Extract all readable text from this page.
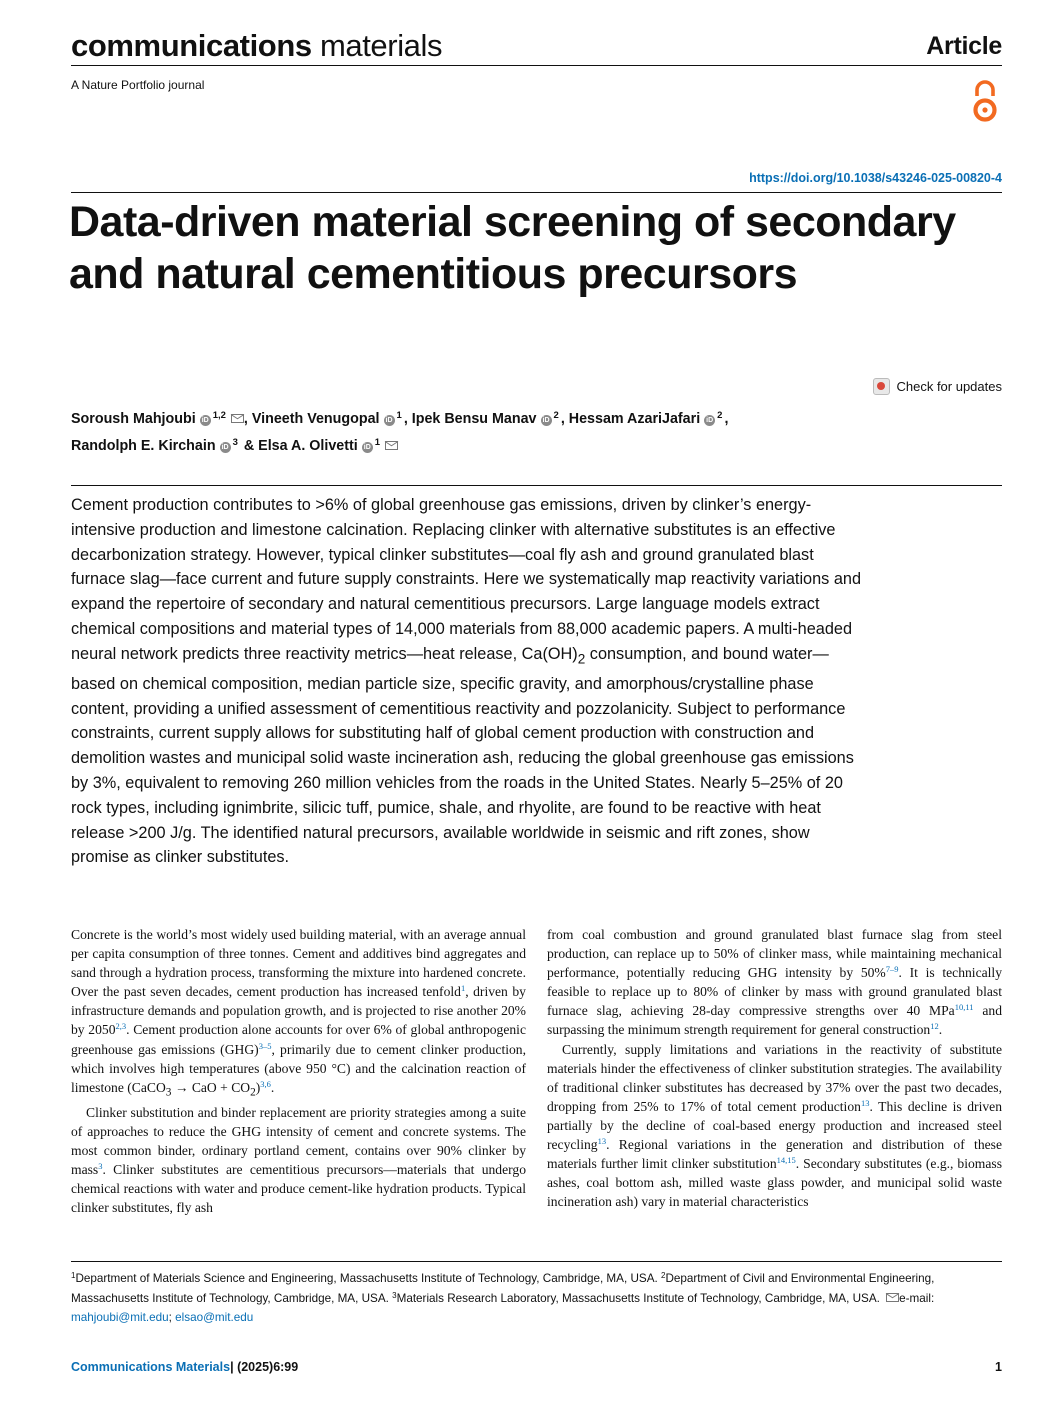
communications materials
A Nature Portfolio journal
Article
https://doi.org/10.1038/s43246-025-00820-4
Data-driven material screening of secondary and natural cementitious precursors
Check for updates
Soroush Mahjoubi iD $^{1,2}$ , Vineeth Venugopal iD $^1$ , Ipek Bensu Manav iD $^2$ , Hessam AzariJafari iD $^2$ ,
Randolph E. Kirchain iD $^3$ & Elsa A. Olivetti iD $^1$

Cement production contributes to >6% of global greenhouse gas emissions, driven by clinker’s energy-intensive production and limestone calcination. Replacing clinker with alternative substitutes is an effective decarbonization strategy. However, typical clinker substitutes—coal fly ash and ground granulated blast furnace slag—face current and future supply constraints. Here we systematically map reactivity variations and expand the repertoire of secondary and natural cementitious precursors. Large language models extract chemical compositions and material types of 14,000 materials from 88,000 academic papers. A multi-headed neural network predicts three reactivity metrics—heat release, $Ca(OH)_2$ consumption, and bound water—based on chemical composition, median particle size, specific gravity, and amorphous/crystalline phase content, providing a unified assessment of cementitious reactivity and pozzolanicity. Subject to performance constraints, current supply allows for substituting half of global cement production with construction and demolition wastes and municipal solid waste incineration ash, reducing the global greenhouse gas emissions by 3%, equivalent to removing 260 million vehicles from the roads in the United States. Nearly 5–25% of 20 rock types, including ignimbrite, silicic tuff, pumice, shale, and rhyolite, are found to be reactive with heat release >200 J/g. The identified natural precursors, available worldwide in seismic and rift zones, show promise as clinker substitutes.

Concrete is the world’s most widely used building material, with an average annual per capita consumption of three tonnes. Cement and additives bind aggregates and sand through a hydration process, transforming the mixture into hardened concrete. Over the past seven decades, cement production has increased tenfold$^1$, driven by infrastructure demands and population growth, and is projected to rise another 20% by 2050$^{2,3}$. Cement production alone accounts for over 6% of global anthropogenic greenhouse gas emissions (GHG)$^{3-5}$, primarily due to cement clinker production, which involves high temperatures (above 950 °C) and the calcination reaction of limestone (CaCO$_3$ → CaO + $CO_2)^{3,6}$.

Clinker substitution and binder replacement are priority strategies among a suite of approaches to reduce the GHG intensity of cement and concrete systems. The most common binder, ordinary portland cement, contains over 90% clinker by mass$^3$. Clinker substitutes are cementitious precursors—materials that undergo chemical reactions with water and produce cement-like hydration products. Typical clinker substitutes, fly ash

from coal combustion and ground granulated blast furnace slag from steel production, can replace up to 50% of clinker mass, while maintaining mechanical performance, potentially reducing GHG intensity by 50%$^{7-9}$. It is technically feasible to replace up to 80% of clinker by mass with ground granulated blast furnace slag, achieving 28-day compressive strengths over 40 MPa$^{10,11}$ and surpassing the minimum strength requirement for general construction$^{12}$.

Currently, supply limitations and variations in the reactivity of substitute materials hinder the effectiveness of clinker substitution strategies. The availability of traditional clinker substitutes has decreased by 37% over the past two decades, dropping from 25% to 17% of total cement production$^{13}$. This decline is driven partially by the decline of coal-based energy production and increased steel recycling$^{13}$. Regional variations in the generation and distribution of these materials further limit clinker substitution$^{14,15}$. Secondary substitutes (e.g., biomass ashes, coal bottom ash, milled waste glass powder, and municipal solid waste incineration ash) vary in material characteristics

$^1$Department of Materials Science and Engineering, Massachusetts Institute of Technology, Cambridge, MA, USA. $^2$Department of Civil and Environmental Engineering, Massachusetts Institute of Technology, Cambridge, MA, USA. $^3$Materials Research Laboratory, Massachusetts Institute of Technology, Cambridge, MA, USA. e-mail: mahjoubi@mit.edu; elsao@mit.edu
Communications Materials| (2025)6:99	1
